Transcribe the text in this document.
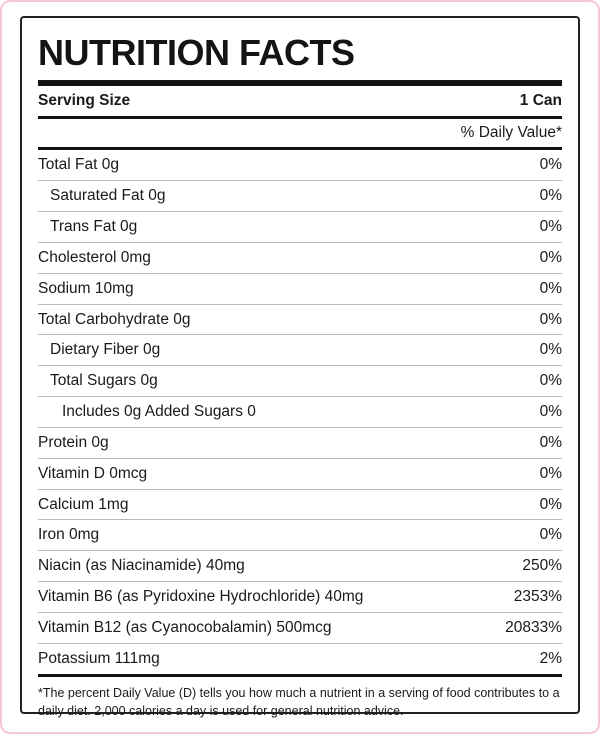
NUTRITION FACTS
Serving Size	1 Can
% Daily Value*
Total Fat 0g	0%
Saturated Fat 0g	0%
Trans Fat 0g	0%
Cholesterol 0mg	0%
Sodium 10mg	0%
Total Carbohydrate 0g	0%
Dietary Fiber 0g	0%
Total Sugars 0g	0%
Includes 0g Added Sugars 0	0%
Protein 0g	0%
Vitamin D 0mcg	0%
Calcium 1mg	0%
Iron 0mg	0%
Niacin (as Niacinamide) 40mg	250%
Vitamin B6 (as Pyridoxine Hydrochloride) 40mg	2353%
Vitamin B12 (as Cyanocobalamin) 500mcg	20833%
Potassium 111mg	2%
*The percent Daily Value (D) tells you how much a nutrient in a serving of food contributes to a daily diet. 2,000 calories a day is used for general nutrition advice.
